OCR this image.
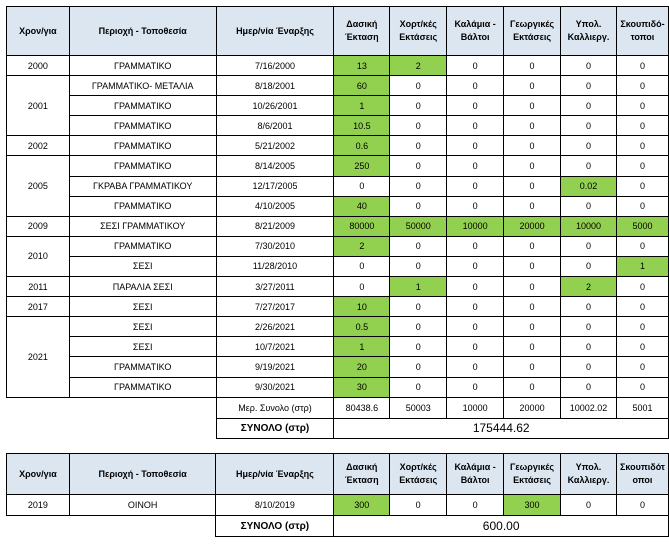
Χρον/για	Περιοχή - Τοποθεσία	Ημερ/νία Έναρξης	Δασική Έκταση	Χορτ/κές Εκτάσεις	Καλάμια - Βάλτοι	Γεωργικές Εκτάσεις	Υπολ. Καλλιεργ.	Σκουπιδό-τοποι
2000	ΓΡΑΜΜΑΤΙΚΟ	7/16/2000	13	2	0	0	0	0
2001	ΓΡΑΜΜΑΤΙΚΟ- ΜΕΤΑΛΙΑ	8/18/2001	60	0	0	0	0	0
	ΓΡΑΜΜΑΤΙΚΟ	10/26/2001	1	0	0	0	0	0
	ΓΡΑΜΜΑΤΙΚΟ	8/6/2001	10.5	0	0	0	0	0
2002	ΓΡΑΜΜΑΤΙΚΟ	5/21/2002	0.6	0	0	0	0	0
2005	ΓΡΑΜΜΑΤΙΚΟ	8/14/2005	250	0	0	0	0	0
	ΓΚΡΑΒΑ ΓΡΑΜΜΑΤΙΚΟΥ	12/17/2005	0	0	0	0	0.02	0
	ΓΡΑΜΜΑΤΙΚΟ	4/10/2005	40	0	0	0	0	0
2009	ΣΕΣΙ ΓΡΑΜΜΑΤΙΚΟΥ	8/21/2009	80000	50000	10000	20000	10000	5000
2010	ΓΡΑΜΜΑΤΙΚΟ	7/30/2010	2	0	0	0	0	0
	ΣΕΣΙ	11/28/2010	0	0	0	0	0	1
2011	ΠΑΡΑΛΙΑ ΣΕΣΙ	3/27/2011	0	1	0	0	2	0
2017	ΣΕΣΙ	7/27/2017	10	0	0	0	0	0
2021	ΣΕΣΙ	2/26/2021	0.5	0	0	0	0	0
	ΣΕΣΙ	10/7/2021	1	0	0	0	0	0
	ΓΡΑΜΜΑΤΙΚΟ	9/19/2021	20	0	0	0	0	0
	ΓΡΑΜΜΑΤΙΚΟ	9/30/2021	30	0	0	0	0	0
		Μερ. Συνολο (στρ)	80438.6	50003	10000	20000	10002.02	5001
		ΣΥΝΟΛΟ (στρ)	175444.62					
Χρον/για	Περιοχή - Τοποθεσία	Ημερ/νία Έναρξης	Δασική Έκταση	Χορτ/κές Εκτάσεις	Καλάμια - Βάλτοι	Γεωργικές Εκτάσεις	Υπολ. Καλλιεργ.	Σκουπιδότ οποι
2019	ΟΙΝΟΗ	8/10/2019	300	0	0	300	0	0
		ΣΥΝΟΛΟ (στρ)	600.00					
